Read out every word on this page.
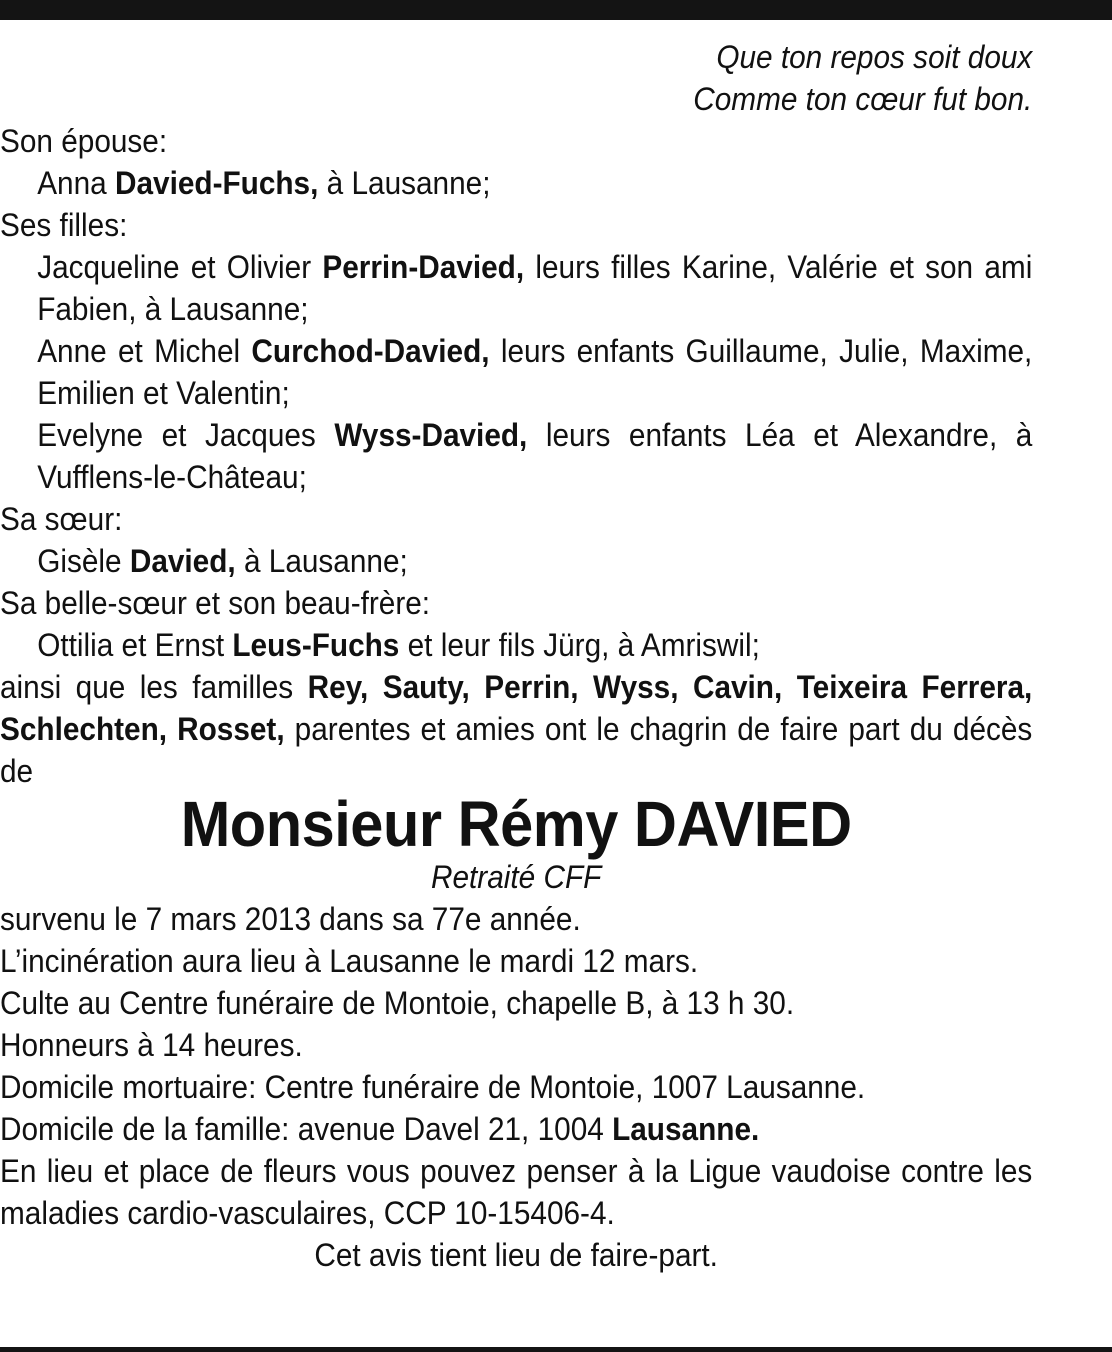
Que ton repos soit doux

Comme ton cœur fut bon.

Son épouse:

Anna Davied-Fuchs, à Lausanne;

Ses filles:

Jacqueline et Olivier Perrin-Davied, leurs filles Karine, Valérie et son ami Fabien, à Lausanne;

Anne et Michel Curchod-Davied, leurs enfants Guillaume, Julie, Maxime, Emilien et Valentin;

Evelyne et Jacques Wyss-Davied, leurs enfants Léa et Alexandre, à Vufflens-le-Château;

Sa sœur:

Gisèle Davied, à Lausanne;

Sa belle-sœur et son beau-frère:

Ottilia et Ernst Leus-Fuchs et leur fils Jürg, à Amriswil;

ainsi que les familles Rey, Sauty, Perrin, Wyss, Cavin, Teixeira Ferrera, Schlechten, Rosset, parentes et amies ont le chagrin de faire part du décès de

Monsieur Rémy DAVIED

Retraité CFF

survenu le 7 mars 2013 dans sa 77e année.

L’incinération aura lieu à Lausanne le mardi 12 mars.

Culte au Centre funéraire de Montoie, chapelle B, à 13 h 30.

Honneurs à 14 heures.

Domicile mortuaire: Centre funéraire de Montoie, 1007 Lausanne.

Domicile de la famille: avenue Davel 21, 1004 Lausanne.

En lieu et place de fleurs vous pouvez penser à la Ligue vaudoise contre les maladies cardio-vasculaires, CCP 10-15406-4.

Cet avis tient lieu de faire-part.
